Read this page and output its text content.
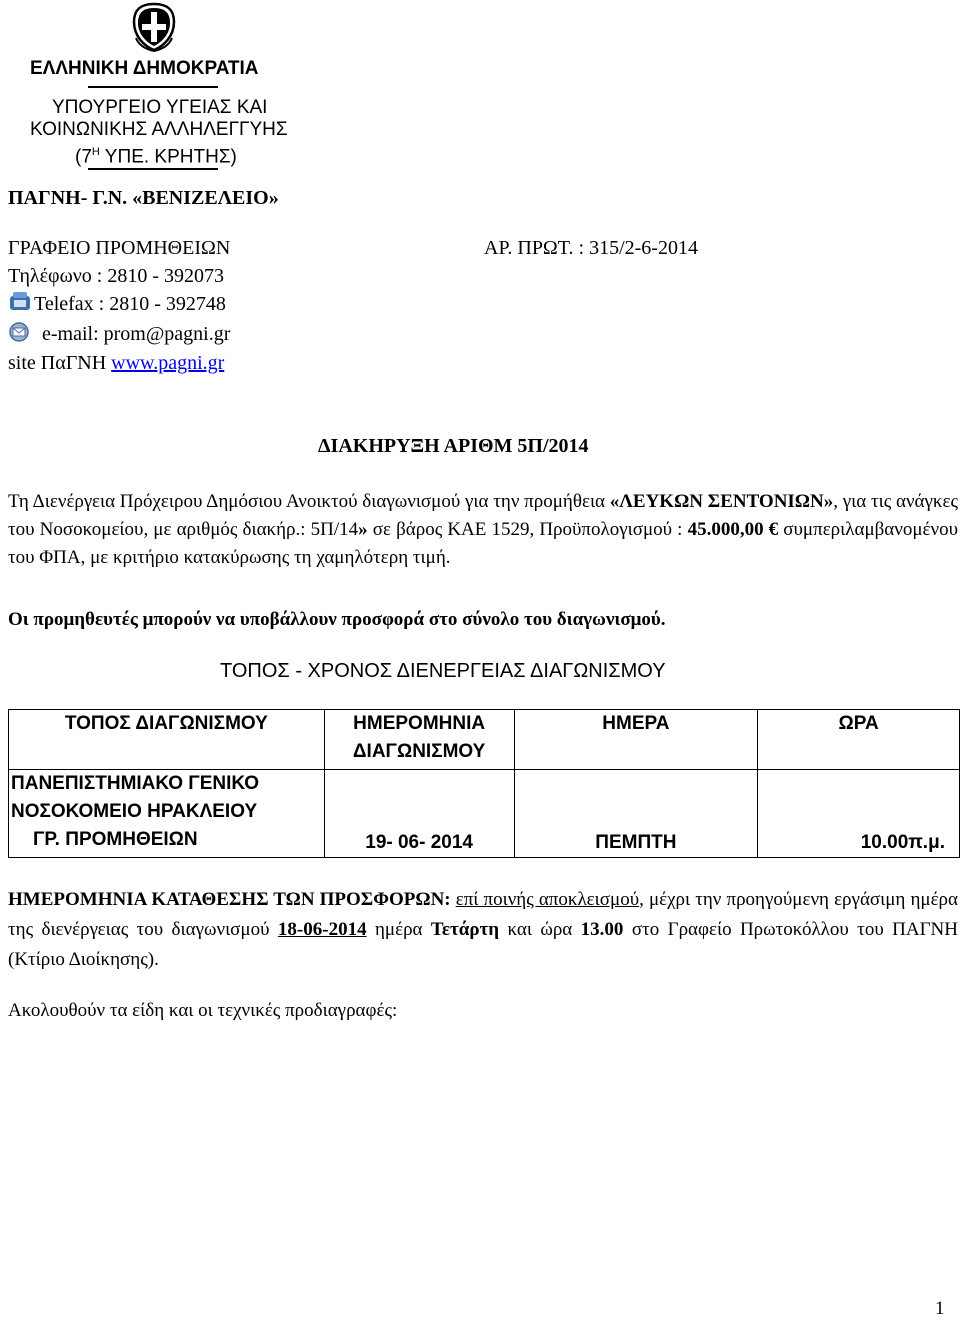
ΕΛΛΗΝΙΚΗ ΔΗΜΟΚΡΑΤΙΑ
ΥΠΟΥΡΓΕΙΟ ΥΓΕΙΑΣ ΚΑΙ
ΚΟΙΝΩΝΙΚΗΣ ΑΛΛΗΛΕΓΓΥΗΣ
($7^H$ ΥΠΕ. ΚΡΗΤΗΣ)
ΠΑΓΝΗ- Γ.Ν. «ΒΕΝΙΖΕΛΕΙΟ»
ΓΡΑΦΕΙΟ ΠΡΟΜΗΘΕΙΩΝ	ΑΡ. ΠΡΩΤ. : 315/2-6-2014
Τηλέφωνο : 2810 - 392073
Telefax : 2810 - 392748
e-mail: prom@pagni.gr
site ΠαΓΝΗ www.pagni.gr
ΔΙΑΚΗΡΥΞΗ ΑΡΙΘΜ 5Π/2014
Τη Διενέργεια Πρόχειρου Δημόσιου Ανοικτού διαγωνισμού για την προμήθεια «ΛΕΥΚΩΝ ΣΕΝΤΟΝΙΩΝ», για τις ανάγκες του Νοσοκομείου, με αριθμός διακήρ.: 5Π/14» σε βάρος ΚΑΕ 1529, Προϋπολογισμού : 45.000,00 € συμπεριλαμβανομένου του ΦΠΑ, με κριτήριο κατακύρωσης τη χαμηλότερη τιμή.
Οι προμηθευτές μπορούν να υποβάλλουν προσφορά στο σύνολο του διαγωνισμού.
ΤΟΠΟΣ - ΧΡΟΝΟΣ ΔΙΕΝΕΡΓΕΙΑΣ ΔΙΑΓΩΝΙΣΜΟΥ
ΤΟΠΟΣ ΔΙΑΓΩΝΙΣΜΟΥ	ΗΜΕΡΟΜΗΝΙΑ ΔΙΑΓΩΝΙΣΜΟΥ	ΗΜΕΡΑ	ΩΡΑ

ΠΑΝΕΠΙΣΤΗΜΙΑΚΟ ΓΕΝΙΚΟ
ΝΟΣΟΚΟΜΕΙΟ ΗΡΑΚΛΕΙΟΥ
ΓΡ. ΠΡΟΜΗΘΕΙΩΝ	19- 06- 2014	ΠΕΜΠΤΗ	10.00π.μ.
ΗΜΕΡΟΜΗΝΙΑ ΚΑΤΑΘΕΣΗΣ ΤΩΝ ΠΡΟΣΦΟΡΩΝ: επί ποινής αποκλεισμού, μέχρι την προηγούμενη εργάσιμη ημέρα της διενέργειας του διαγωνισμού 18-06-2014 ημέρα Τετάρτη και ώρα 13.00 στο Γραφείο Πρωτοκόλλου του ΠΑΓΝΗ (Κτίριο Διοίκησης).
Ακολουθούν τα είδη και οι τεχνικές προδιαγραφές:
1
